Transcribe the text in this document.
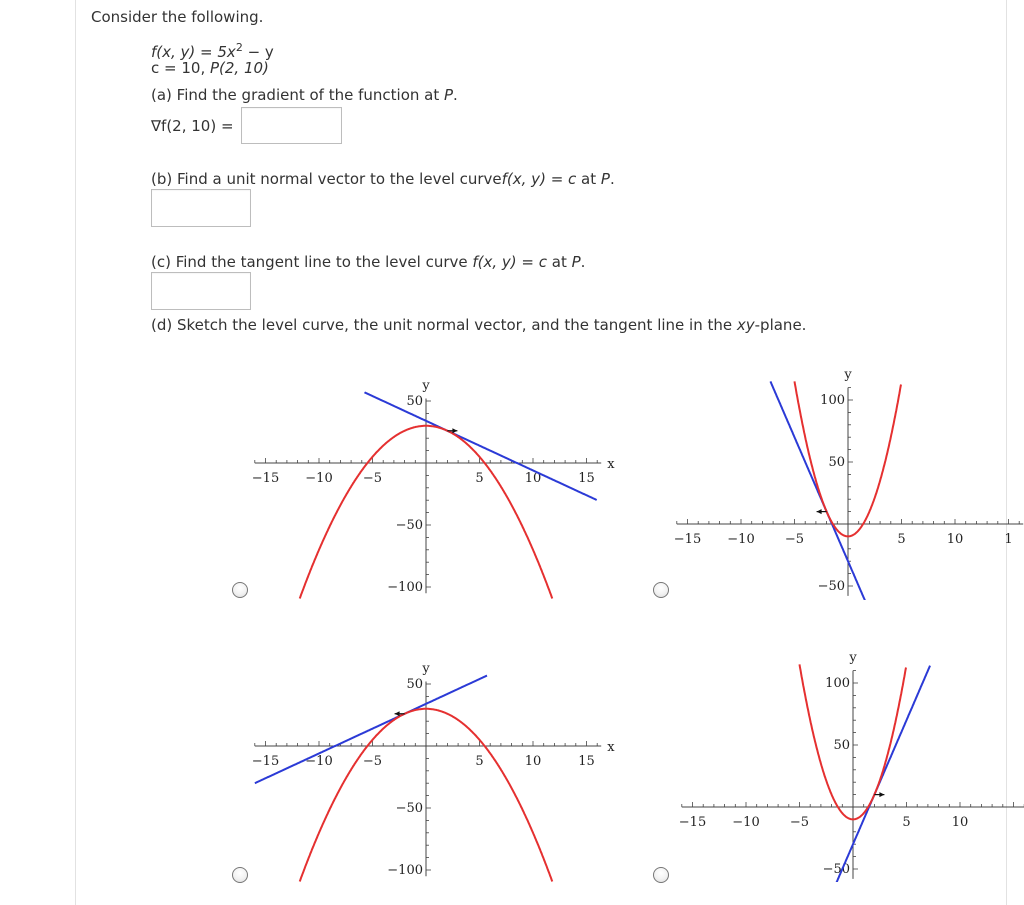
Consider the following.
f(x, $y) = 5x^2 - y$
c = 10, P(2, 10)
(a) Find the gradient of the function at P.
∇f(2, 10) =
(b) Find a unit normal vector to the level curvef(x, y) = c at P.
(c) Find the tangent line to the level curve f(x, y) = c at P.
(d) Sketch the level curve, the unit normal vector, and the tangent line in the xy-plane.
−15 −10 −5	5	10	15
50
−50
−100
y
x
−15 −10 −5	5	10	1
100
50
−50
y
−15 −10 −5	5	10	15
50
−50
−100
y
x
−15 −10 −5	5	10
100
50
−50
y
